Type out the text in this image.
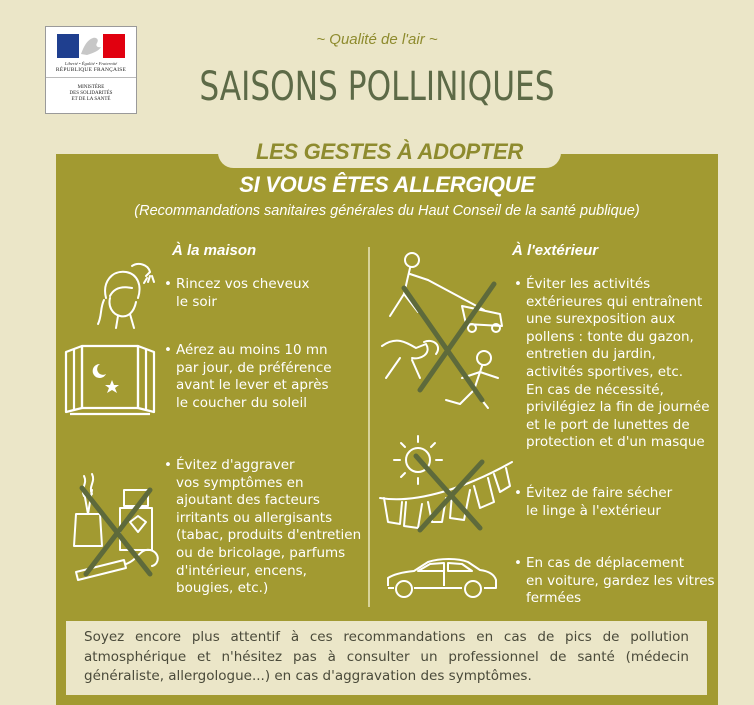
Liberté • Égalité • Fraternité
RÉPUBLIQUE FRANÇAISE
MINISTÈRE
DES SOLIDARITÉS
ET DE LA SANTÉ
~ Qualité de l'air ~
SAISONS POLLINIQUES
LES GESTES À ADOPTER
SI VOUS ÊTES ALLERGIQUE
(Recommandations sanitaires générales du Haut Conseil de la santé publique)
À la maison	À l'extérieur
• Rincez vos cheveux
le soir
• Aérez au moins 10 mn
par jour, de préférence
avant le lever et après
le coucher du soleil
• Évitez d'aggraver
vos symptômes en
ajoutant des facteurs
irritants ou allergisants
(tabac, produits d'entretien
ou de bricolage, parfums
d'intérieur, encens,
bougies, etc.)
• Éviter les activités
extérieures qui entraînent
une surexposition aux
pollens : tonte du gazon,
entretien du jardin,
activités sportives, etc.
En cas de nécessité,
privilégiez la fin de journée
et le port de lunettes de
protection et d'un masque
• Évitez de faire sécher
le linge à l'extérieur
• En cas de déplacement
en voiture, gardez les vitres
fermées
Soyez encore plus attentif à ces recommandations en cas de pics de pollution atmosphérique et n'hésitez pas à consulter un professionnel de santé (médecin généraliste, allergologue...) en cas d'aggravation des symptômes.
